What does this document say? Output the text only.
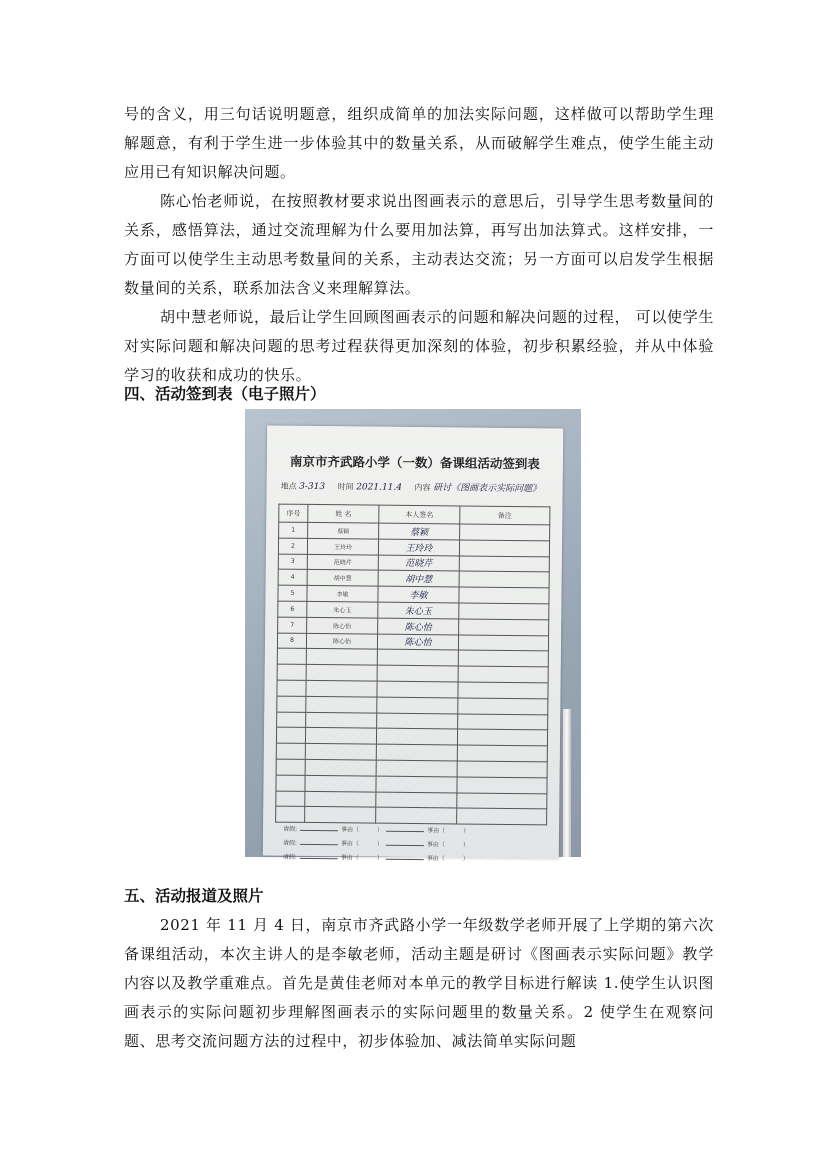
号的含义，用三句话说明题意，组织成简单的加法实际问题，这样做可以帮助学生理解题意，有利于学生进一步体验其中的数量关系，从而破解学生难点，使学生能主动应用已有知识解决问题。

陈心怡老师说，在按照教材要求说出图画表示的意思后，引导学生思考数量间的关系，感悟算法，通过交流理解为什么要用加法算，再写出加法算式。这样安排，一方面可以使学生主动思考数量间的关系，主动表达交流；另一方面可以启发学生根据数量间的关系，联系加法含义来理解算法。

胡中慧老师说，最后让学生回顾图画表示的问题和解决问题的过程， 可以使学生对实际问题和解决问题的思考过程获得更加深刻的体验，初步积累经验，并从中体验学习的收获和成功的快乐。

四、活动签到表（电子照片）
南京市齐武路小学（一数）备课组活动签到表
地点 3-313 时间 2021.11.4 内容 研讨《图画表示实际问题》
序号	姓 名	本人签名	备注
1	蔡颖	蔡颖	
2	王玲玲	王玲玲	
3	范晓芹	范晓芹	
4	胡中慧	胡中慧	
5	李敏	李敏	
6	朱心玉	朱心玉	
7	陈心怡	陈心怡	
8	陈心怡	陈心怡	

请假:	事由（	）	事由（	）
请假:	事由（	）	事由（	）
请假:	事由（	）	事由（	）
五、活动报道及照片

2021 年 11 月 4 日，南京市齐武路小学一年级数学老师开展了上学期的第六次备课组活动，本次主讲人的是李敏老师，活动主题是研讨《图画表示实际问题》教学内容以及教学重难点。首先是黄佳老师对本单元的教学目标进行解读 1.使学生认识图画表示的实际问题初步理解图画表示的实际问题里的数量关系。2 使学生在观察问题、思考交流问题方法的过程中，初步体验加、减法简单实际问题
